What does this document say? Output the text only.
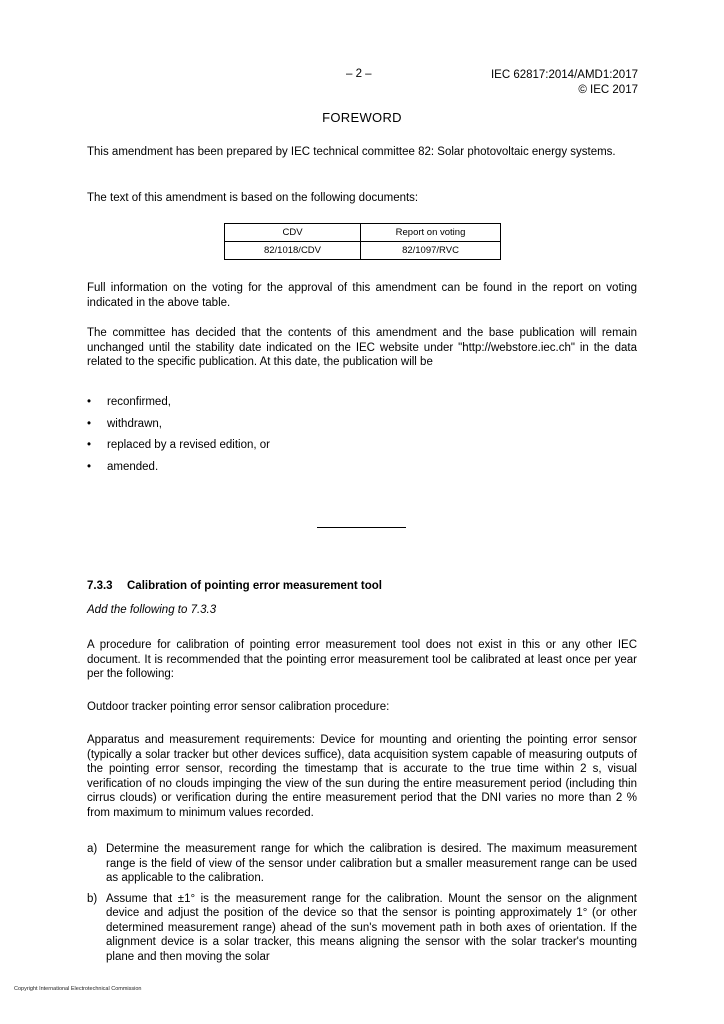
– 2 –	IEC 62817:2014/AMD1:2017
© IEC 2017
FOREWORD
This amendment has been prepared by IEC technical committee 82: Solar photovoltaic energy systems.
The text of this amendment is based on the following documents:
CDV	Report on voting
82/1018/CDV	82/1097/RVC
Full information on the voting for the approval of this amendment can be found in the report on voting indicated in the above table.
The committee has decided that the contents of this amendment and the base publication will remain unchanged until the stability date indicated on the IEC website under "http://webstore.iec.ch" in the data related to the specific publication. At this date, the publication will be
• reconfirmed,
• withdrawn,
• replaced by a revised edition, or
• amended.
7.3.3 Calibration of pointing error measurement tool
Add the following to 7.3.3
A procedure for calibration of pointing error measurement tool does not exist in this or any other IEC document. It is recommended that the pointing error measurement tool be calibrated at least once per year per the following:
Outdoor tracker pointing error sensor calibration procedure:
Apparatus and measurement requirements: Device for mounting and orienting the pointing error sensor (typically a solar tracker but other devices suffice), data acquisition system capable of measuring outputs of the pointing error sensor, recording the timestamp that is accurate to the true time within 2 s, visual verification of no clouds impinging the view of the sun during the entire measurement period (including thin cirrus clouds) or verification during the entire measurement period that the DNI varies no more than 2 % from maximum to minimum values recorded.
a) Determine the measurement range for which the calibration is desired. The maximum measurement range is the field of view of the sensor under calibration but a smaller measurement range can be used as applicable to the calibration.
b) Assume that ±1° is the measurement range for the calibration. Mount the sensor on the alignment device and adjust the position of the device so that the sensor is pointing approximately 1° (or other determined measurement range) ahead of the sun's movement path in both axes of orientation. If the alignment device is a solar tracker, this means aligning the sensor with the solar tracker's mounting plane and then moving the solar
Copyright International Electrotechnical Commission
